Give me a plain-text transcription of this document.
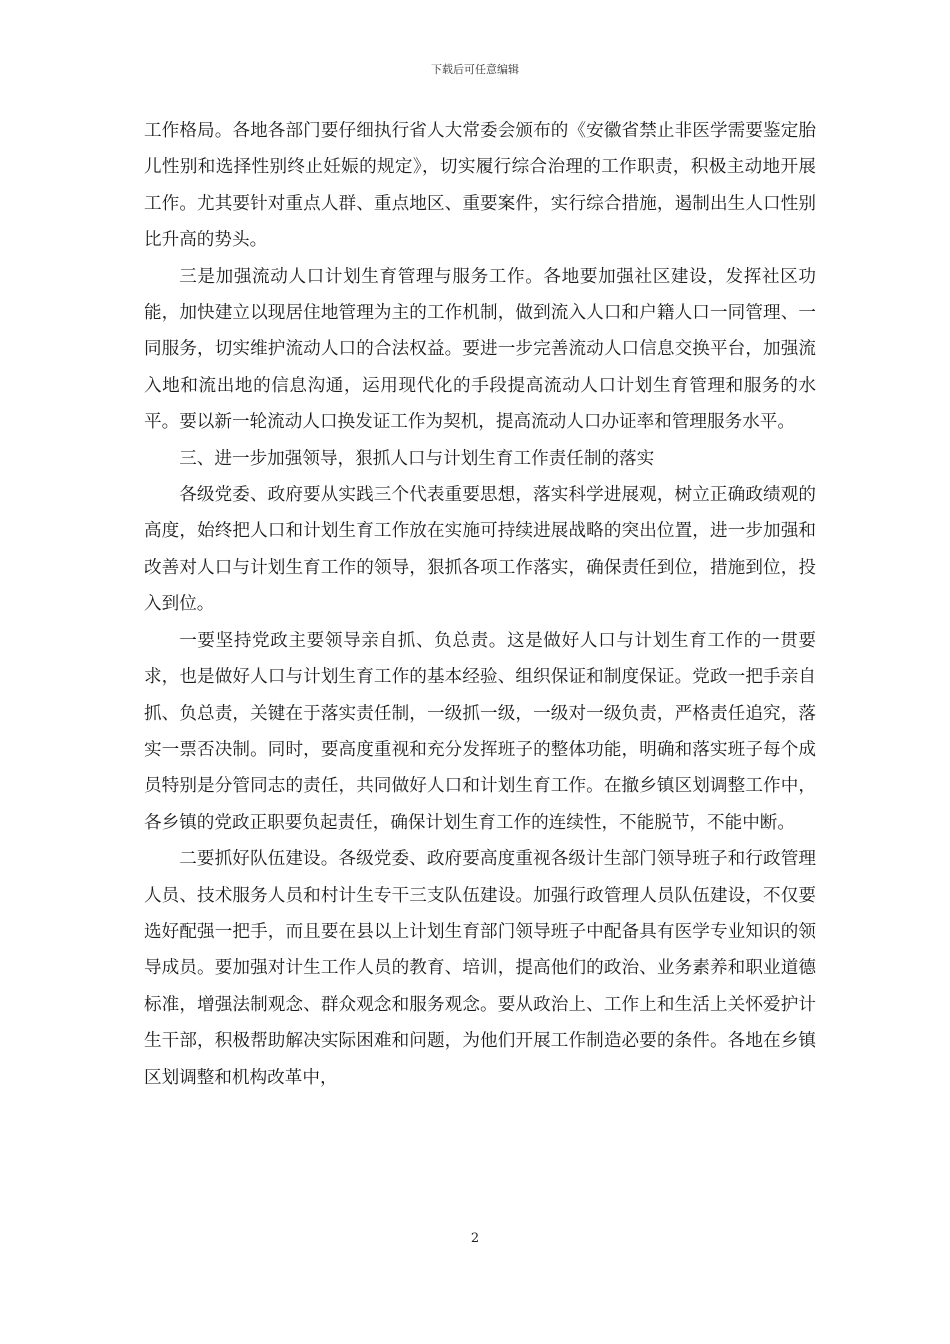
下载后可任意编辑

工作格局。各地各部门要仔细执行省人大常委会颁布的《安徽省禁止非医学需要鉴定胎儿性别和选择性别终止妊娠的规定》，切实履行综合治理的工作职责，积极主动地开展工作。尤其要针对重点人群、重点地区、重要案件，实行综合措施，遏制出生人口性别比升高的势头。

三是加强流动人口计划生育管理与服务工作。各地要加强社区建设，发挥社区功能，加快建立以现居住地管理为主的工作机制，做到流入人口和户籍人口一同管理、一同服务，切实维护流动人口的合法权益。要进一步完善流动人口信息交换平台，加强流入地和流出地的信息沟通，运用现代化的手段提高流动人口计划生育管理和服务的水平。要以新一轮流动人口换发证工作为契机，提高流动人口办证率和管理服务水平。

三、进一步加强领导，狠抓人口与计划生育工作责任制的落实

各级党委、政府要从实践三个代表重要思想，落实科学进展观，树立正确政绩观的高度，始终把人口和计划生育工作放在实施可持续进展战略的突出位置，进一步加强和改善对人口与计划生育工作的领导，狠抓各项工作落实，确保责任到位，措施到位，投入到位。

一要坚持党政主要领导亲自抓、负总责。这是做好人口与计划生育工作的一贯要求，也是做好人口与计划生育工作的基本经验、组织保证和制度保证。党政一把手亲自抓、负总责，关键在于落实责任制，一级抓一级，一级对一级负责，严格责任追究，落实一票否决制。同时，要高度重视和充分发挥班子的整体功能，明确和落实班子每个成员特别是分管同志的责任，共同做好人口和计划生育工作。在撤乡镇区划调整工作中，各乡镇的党政正职要负起责任，确保计划生育工作的连续性，不能脱节，不能中断。

二要抓好队伍建设。各级党委、政府要高度重视各级计生部门领导班子和行政管理人员、技术服务人员和村计生专干三支队伍建设。加强行政管理人员队伍建设，不仅要选好配强一把手，而且要在县以上计划生育部门领导班子中配备具有医学专业知识的领导成员。要加强对计生工作人员的教育、培训，提高他们的政治、业务素养和职业道德标准，增强法制观念、群众观念和服务观念。要从政治上、工作上和生活上关怀爱护计生干部，积极帮助解决实际困难和问题，为他们开展工作制造必要的条件。各地在乡镇区划调整和机构改革中，

2
